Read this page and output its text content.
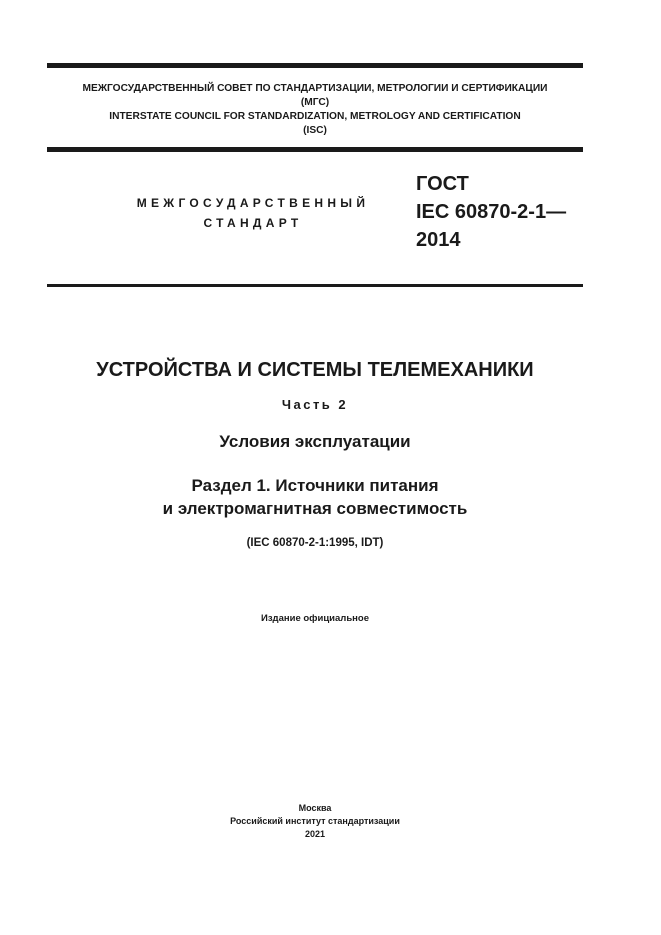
МЕЖГОСУДАРСТВЕННЫЙ СОВЕТ ПО СТАНДАРТИЗАЦИИ, МЕТРОЛОГИИ И СЕРТИФИКАЦИИ
(МГС)
INTERSTATE COUNCIL FOR STANDARDIZATION, METROLOGY AND CERTIFICATION
(ISC)
МЕЖГОСУДАРСТВЕННЫЙ
СТАНДАРТ
ГОСТ
IEC 60870-2-1—
2014
УСТРОЙСТВА И СИСТЕМЫ ТЕЛЕМЕХАНИКИ
Часть 2
Условия эксплуатации
Раздел 1. Источники питания
и электромагнитная совместимость
(IEC 60870-2-1:1995, IDT)
Издание официальное
Москва
Российский институт стандартизации
2021
